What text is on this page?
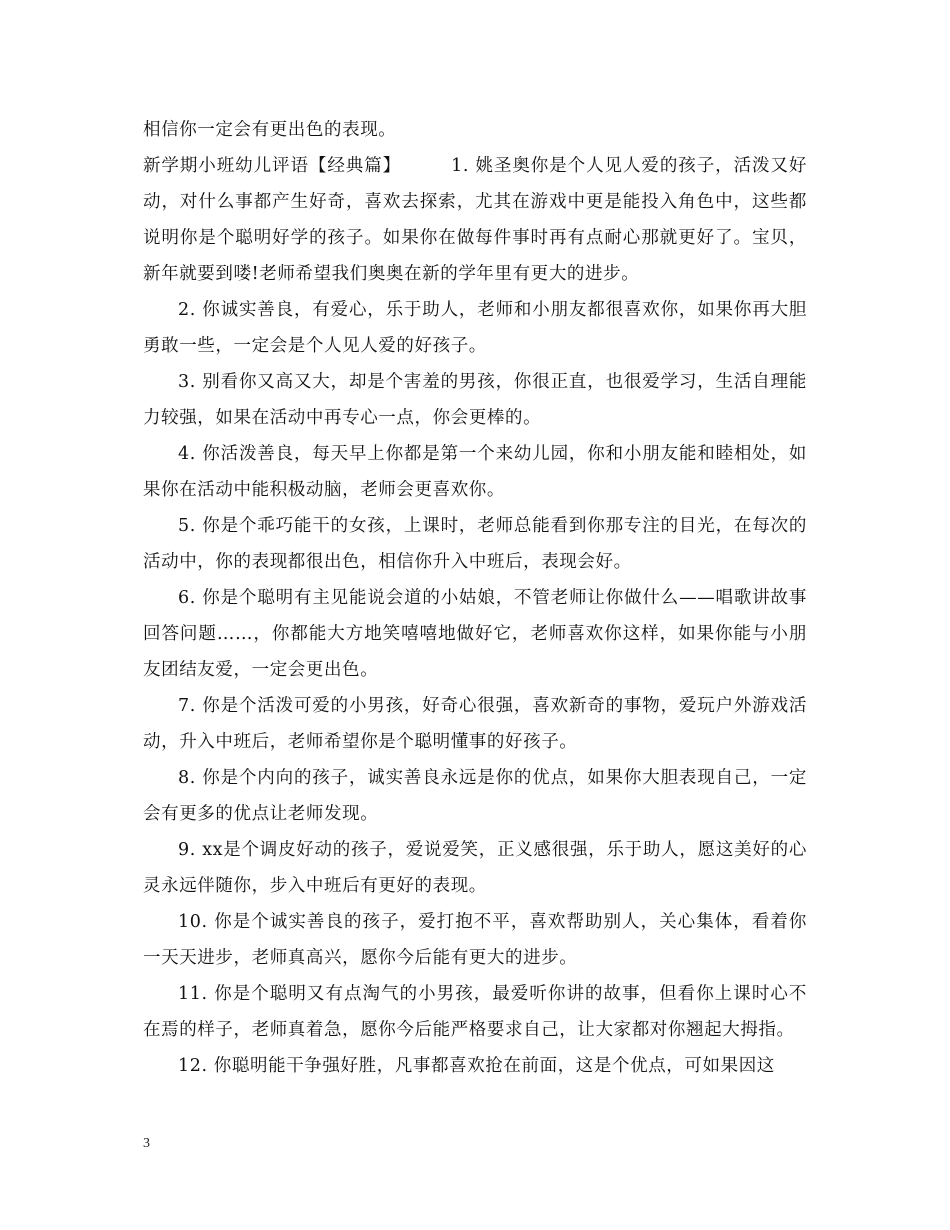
相信你一定会有更出色的表现。

新学期小班幼儿评语【经典篇】	1. 姚圣奥你是个人见人爱的孩子，活泼又好动，对什么事都产生好奇，喜欢去探索，尤其在游戏中更是能投入角色中，这些都说明你是个聪明好学的孩子。如果你在做每件事时再有点耐心那就更好了。宝贝，新年就要到喽!老师希望我们奥奥在新的学年里有更大的进步。

2. 你诚实善良，有爱心，乐于助人，老师和小朋友都很喜欢你，如果你再大胆勇敢一些，一定会是个人见人爱的好孩子。

3. 别看你又高又大，却是个害羞的男孩，你很正直，也很爱学习，生活自理能力较强，如果在活动中再专心一点，你会更棒的。

4. 你活泼善良，每天早上你都是第一个来幼儿园，你和小朋友能和睦相处，如果你在活动中能积极动脑，老师会更喜欢你。

5. 你是个乖巧能干的女孩，上课时，老师总能看到你那专注的目光，在每次的活动中，你的表现都很出色，相信你升入中班后，表现会好。

6. 你是个聪明有主见能说会道的小姑娘，不管老师让你做什么——唱歌讲故事回答问题……，你都能大方地笑嘻嘻地做好它，老师喜欢你这样，如果你能与小朋友团结友爱，一定会更出色。

7. 你是个活泼可爱的小男孩，好奇心很强，喜欢新奇的事物，爱玩户外游戏活动，升入中班后，老师希望你是个聪明懂事的好孩子。

8. 你是个内向的孩子，诚实善良永远是你的优点，如果你大胆表现自己，一定会有更多的优点让老师发现。

9. xx是个调皮好动的孩子，爱说爱笑，正义感很强，乐于助人，愿这美好的心灵永远伴随你，步入中班后有更好的表现。

10. 你是个诚实善良的孩子，爱打抱不平，喜欢帮助别人，关心集体，看着你一天天进步，老师真高兴，愿你今后能有更大的进步。

11. 你是个聪明又有点淘气的小男孩，最爱听你讲的故事，但看你上课时心不在焉的样子，老师真着急，愿你今后能严格要求自己，让大家都对你翘起大拇指。

12. 你聪明能干争强好胜，凡事都喜欢抢在前面，这是个优点，可如果因这

3
